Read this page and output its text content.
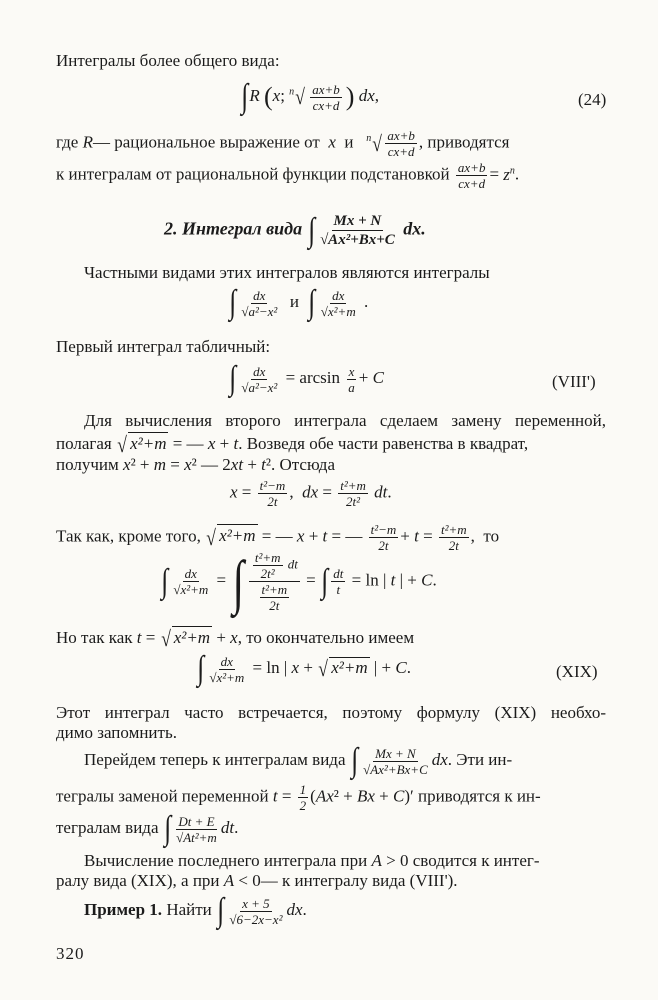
Интегралы более общего вида:
∫R (x; $^n√ \frac{ax+b}{cx+d}$ ) dx,	(24)
где R— рациональное выражение от x и $^n√ \frac{ax+b}{cx+d}$ , приводятся
к интегралам от рациональной функции подстановкой $\frac{ax+b}{cx+d} = z^n$.
2. Интеграл вида ∫ $\frac{Mx + N}{\text{√Ax²+Bx+C}}$ dx.
Частными видами этих интегралов являются интегралы
∫ $\frac{dx}{\text{√a²−x²}}$ и  ∫ $\frac{dx}{\text{√x²+m}}$ .
Первый интеграл табличный:
∫ $\frac{dx}{\text{√a²−x²}} = \arcsin \frac{x}{a} + C$	(VIII')
Для вычисления второго интеграла сделаем замену переменной,
полагая √ x²+m = — x + t. Возведя обе части равенства в квадрат,
получим x² + m = x² — 2xt + t². Отсюда
$x = \frac{\text{t²−m}}{2t}$ ,  dx = $\frac{\text{t²+m}}{\text{2t²}}$ dt.
Так как, кроме того, √ x²+m = — x + t = — $\frac{\text{t²−m}}{2t} + t = \frac{\text{t²+m}}{2t}$ ,  то
∫ $\frac{dx}{\text{√x²+m}}$ = ∫ $\frac{\frac{\text{t²+m}}{\text{2t²}} dt}{\frac{\text{t²+m}}{2t}}$ = ∫ $\frac{dt}{t} = \ln$ | t | + C.
Но так как t = √ x²+m + x, то окончательно имеем
∫ $\frac{dx}{\text{√x²+m}} = \ln$ | x + √ x²+m | + C.	(XIX)
Этот интеграл часто встречается, поэтому формулу (XIX) необхо-
димо запомнить.
Перейдем теперь к интегралам вида ∫ $\frac{Mx + N}{\text{√Ax²+Bx+C}}$ dx. Эти ин-
тегралы заменой переменной $t = \frac{1}{2} (Ax^2 + Bx + C)'$ приводятся к ин-
тегралам вида ∫ $\frac{Dt + E}{\text{√At²+m}}$ dt.
Вычисление последнего интеграла при A > 0 сводится к интег-
ралу вида (XIX), а при A < 0— к интегралу вида (VIII').
Пример 1. Найти ∫ $\frac{x + 5}{\text{√6−2x−x²}}$ dx.
320
